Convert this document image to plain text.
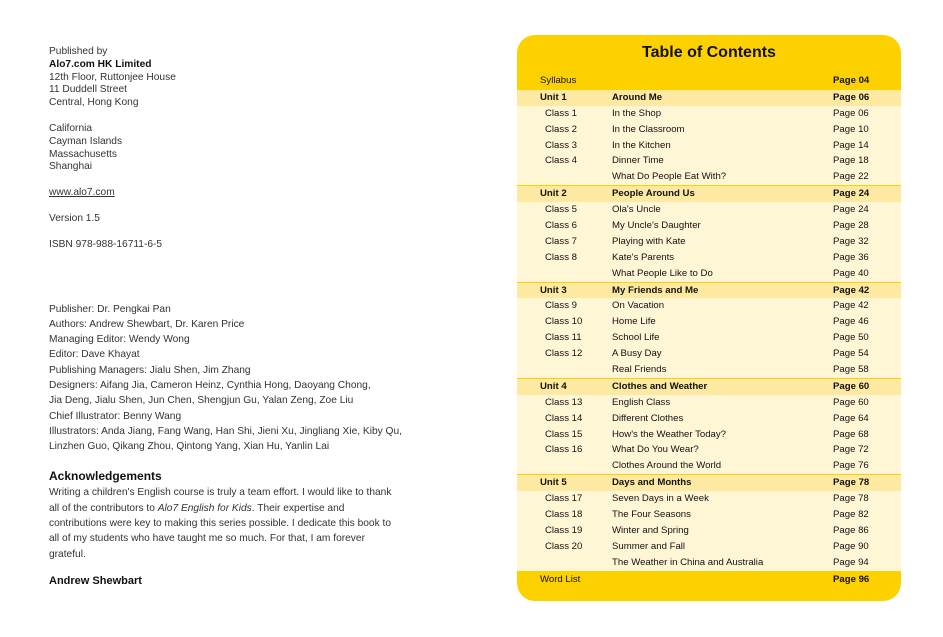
Published by
Alo7.com HK Limited
12th Floor, Ruttonjee House
11 Duddell Street
Central, Hong Kong
California
Cayman Islands
Massachusetts
Shanghai
www.alo7.com
Version 1.5
ISBN 978-988-16711-6-5
Publisher: Dr. Pengkai Pan
Authors: Andrew Shewbart, Dr. Karen Price
Managing Editor: Wendy Wong
Editor: Dave Khayat
Publishing Managers: Jialu Shen, Jim Zhang
Designers: Aifang Jia, Cameron Heinz, Cynthia Hong, Daoyang Chong,
Jia Deng, Jialu Shen, Jun Chen, Shengjun Gu, Yalan Zeng, Zoe Liu
Chief Illustrator: Benny Wang
Illustrators: Anda Jiang, Fang Wang, Han Shi, Jieni Xu, Jingliang Xie, Kiby Qu,
Linzhen Guo, Qikang Zhou, Qintong Yang, Xian Hu, Yanlin Lai
Acknowledgements

Writing a children's English course is truly a team effort. I would like to thank all of the contributors to Alo7 English for Kids. Their expertise and contributions were key to making this series possible. I dedicate this book to all of my students who have taught me so much. For that, I am forever grateful.

Andrew Shewbart
Table of Contents
Syllabus	Page 04
Unit 1	Around Me	Page 06
Class 1	In the Shop	Page 06
Class 2	In the Classroom	Page 10
Class 3	In the Kitchen	Page 14
Class 4	Dinner Time	Page 18
What Do People Eat With?	Page 22
Unit 2	People Around Us	Page 24
Class 5	Ola's Uncle	Page 24
Class 6	My Uncle's Daughter	Page 28
Class 7	Playing with Kate	Page 32
Class 8	Kate's Parents	Page 36
What People Like to Do	Page 40
Unit 3	My Friends and Me	Page 42
Class 9	On Vacation	Page 42
Class 10	Home Life	Page 46
Class 11	School Life	Page 50
Class 12	A Busy Day	Page 54
Real Friends	Page 58
Unit 4	Clothes and Weather	Page 60
Class 13	English Class	Page 60
Class 14	Different Clothes	Page 64
Class 15	How's the Weather Today?	Page 68
Class 16	What Do You Wear?	Page 72
Clothes Around the World	Page 76
Unit 5	Days and Months	Page 78
Class 17	Seven Days in a Week	Page 78
Class 18	The Four Seasons	Page 82
Class 19	Winter and Spring	Page 86
Class 20	Summer and Fall	Page 90
The Weather in China and Australia	Page 94
Word List	Page 96
